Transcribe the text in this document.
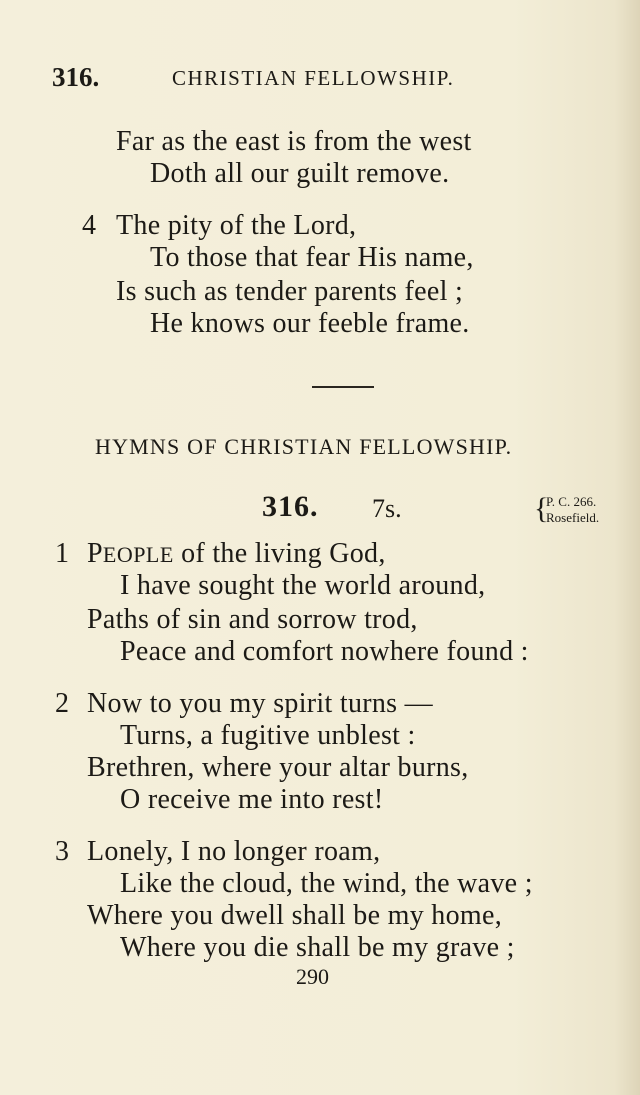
316.	CHRISTIAN FELLOWSHIP.
Far as the east is from the west
Doth all our guilt remove.
4 The pity of the Lord,
To those that fear His name,
Is such as tender parents feel ;
He knows our feeble frame.
HYMNS OF CHRISTIAN FELLOWSHIP.
316. 7s.	{
P. C. 266.
Rosefield.
1 PEOPLE of the living God,
I have sought the world around,
Paths of sin and sorrow trod,
Peace and comfort nowhere found :
2 Now to you my spirit turns —
Turns, a fugitive unblest :
Brethren, where your altar burns,
O receive me into rest!
3 Lonely, I no longer roam,
Like the cloud, the wind, the wave ;
Where you dwell shall be my home,
Where you die shall be my grave ;
290
